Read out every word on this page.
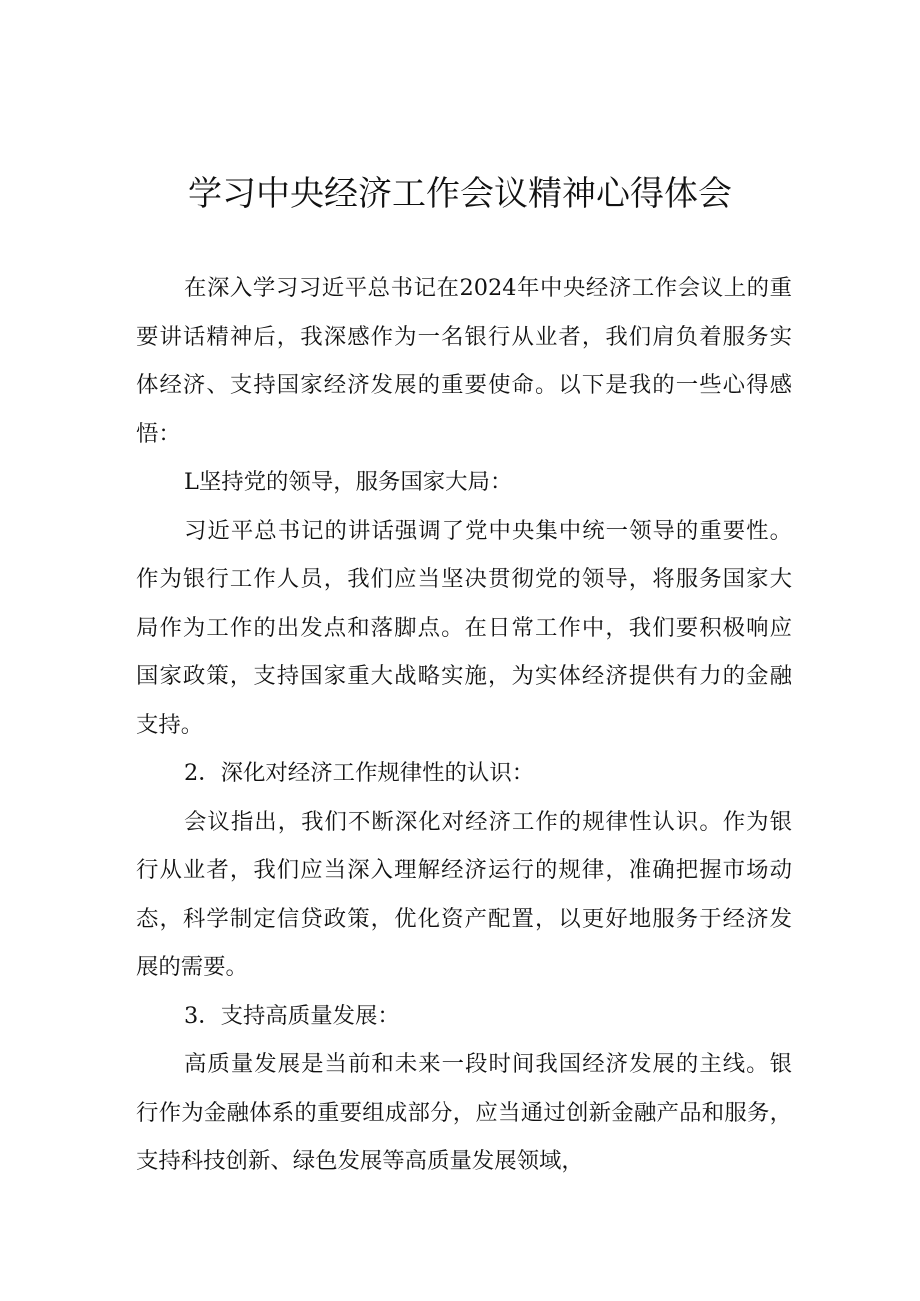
学习中央经济工作会议精神心得体会
在深入学习习近平总书记在2024年中央经济工作会议上的重
要讲话精神后，我深感作为一名银行从业者，我们肩负着服务实
体经济、支持国家经济发展的重要使命。以下是我的一些心得感
悟：
L坚持党的领导，服务国家大局：
习近平总书记的讲话强调了党中央集中统一领导的重要性。
作为银行工作人员，我们应当坚决贯彻党的领导，将服务国家大
局作为工作的出发点和落脚点。在日常工作中，我们要积极响应
国家政策，支持国家重大战略实施，为实体经济提供有力的金融
支持。
2．深化对经济工作规律性的认识：
会议指出，我们不断深化对经济工作的规律性认识。作为银
行从业者，我们应当深入理解经济运行的规律，准确把握市场动
态，科学制定信贷政策，优化资产配置，以更好地服务于经济发
展的需要。
3．支持高质量发展：
高质量发展是当前和未来一段时间我国经济发展的主线。银
行作为金融体系的重要组成部分，应当通过创新金融产品和服务，
支持科技创新、绿色发展等高质量发展领域，
